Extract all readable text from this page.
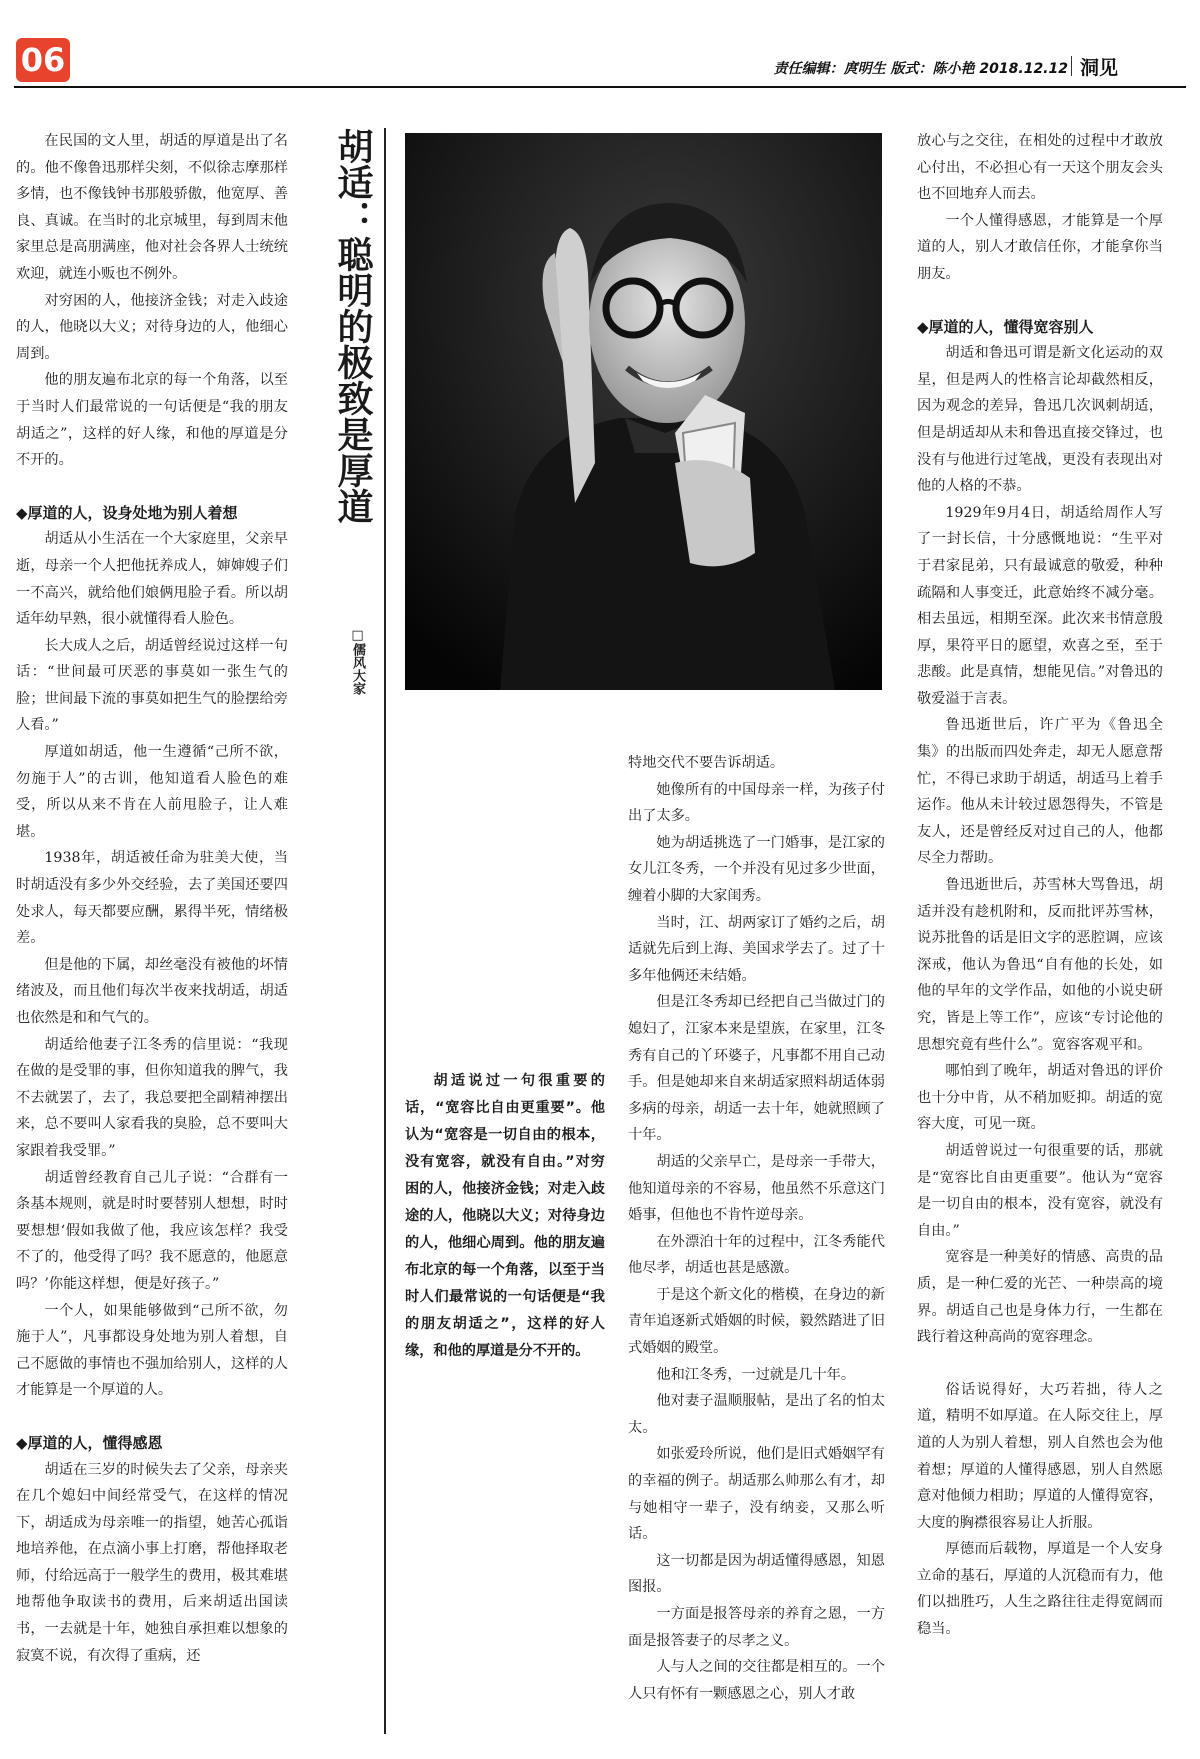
06	责任编辑：庹明生 版式：陈小艳 2018.12.12 洞见

在民国的文人里，胡适的厚道是出了名的。他不像鲁迅那样尖刻，不似徐志摩那样多情，也不像钱钟书那般骄傲，他宽厚、善良、真诚。在当时的北京城里，每到周末他家里总是高朋满座，他对社会各界人士统统欢迎，就连小贩也不例外。

对穷困的人，他接济金钱；对走入歧途的人，他晓以大义；对待身边的人，他细心周到。

他的朋友遍布北京的每一个角落，以至于当时人们最常说的一句话便是“我的朋友胡适之”，这样的好人缘，和他的厚道是分不开的。

◆厚道的人，设身处地为别人着想

胡适从小生活在一个大家庭里，父亲早逝，母亲一个人把他抚养成人，婶婶嫂子们一不高兴，就给他们娘俩甩脸子看。所以胡适年幼早熟，很小就懂得看人脸色。

长大成人之后，胡适曾经说过这样一句话：“世间最可厌恶的事莫如一张生气的脸；世间最下流的事莫如把生气的脸摆给旁人看。”

厚道如胡适，他一生遵循“己所不欲，勿施于人”的古训，他知道看人脸色的难受，所以从来不肯在人前甩脸子，让人难堪。

1938年，胡适被任命为驻美大使，当时胡适没有多少外交经验，去了美国还要四处求人，每天都要应酬，累得半死，情绪极差。

但是他的下属，却丝毫没有被他的坏情绪波及，而且他们每次半夜来找胡适，胡适也依然是和和气气的。

胡适给他妻子江冬秀的信里说：“我现在做的是受罪的事，但你知道我的脾气，我不去就罢了，去了，我总要把全副精神摆出来，总不要叫人家看我的臭脸，总不要叫大家跟着我受罪。”

胡适曾经教育自己儿子说：“合群有一条基本规则，就是时时要替别人想想，时时要想想‘假如我做了他，我应该怎样？我受不了的，他受得了吗？我不愿意的，他愿意吗？’你能这样想，便是好孩子。”

一个人，如果能够做到“己所不欲，勿施于人”，凡事都设身处地为别人着想，自己不愿做的事情也不强加给别人，这样的人才能算是一个厚道的人。

◆厚道的人，懂得感恩

胡适在三岁的时候失去了父亲，母亲夹在几个媳妇中间经常受气，在这样的情况下，胡适成为母亲唯一的指望，她苦心孤诣地培养他，在点滴小事上打磨，帮他择取老师，付给远高于一般学生的费用，极其难堪地帮他争取读书的费用，后来胡适出国读书，一去就是十年，她独自承担难以想象的寂寞不说，有次得了重病，还

胡适：聪明的极致是厚道
□儒风大家

胡适说过一句很重要的话，“宽容比自由更重要”。他认为“宽容是一切自由的根本，没有宽容，就没有自由。”对穷困的人，他接济金钱；对走入歧途的人，他晓以大义；对待身边的人，他细心周到。他的朋友遍布北京的每一个角落，以至于当时人们最常说的一句话便是“我的朋友胡适之”，这样的好人缘，和他的厚道是分不开的。

特地交代不要告诉胡适。

她像所有的中国母亲一样，为孩子付出了太多。

她为胡适挑选了一门婚事，是江家的女儿江冬秀，一个并没有见过多少世面，缠着小脚的大家闺秀。

当时，江、胡两家订了婚约之后，胡适就先后到上海、美国求学去了。过了十多年他俩还未结婚。

但是江冬秀却已经把自己当做过门的媳妇了，江家本来是望族，在家里，江冬秀有自己的丫环婆子，凡事都不用自己动手。但是她却来自来胡适家照料胡适体弱多病的母亲，胡适一去十年，她就照顾了十年。

胡适的父亲早亡，是母亲一手带大，他知道母亲的不容易，他虽然不乐意这门婚事，但他也不肯忤逆母亲。

在外漂泊十年的过程中，江冬秀能代他尽孝，胡适也甚是感激。

于是这个新文化的楷模，在身边的新青年追逐新式婚姻的时候，毅然踏进了旧式婚姻的殿堂。

他和江冬秀，一过就是几十年。

他对妻子温顺服帖，是出了名的怕太太。

如张爱玲所说，他们是旧式婚姻罕有的幸福的例子。胡适那么帅那么有才，却与她相守一辈子，没有纳妾，又那么听话。

这一切都是因为胡适懂得感恩，知恩图报。

一方面是报答母亲的养育之恩，一方面是报答妻子的尽孝之义。

人与人之间的交往都是相互的。一个人只有怀有一颗感恩之心，别人才敢

放心与之交往，在相处的过程中才敢放心付出，不必担心有一天这个朋友会头也不回地弃人而去。

一个人懂得感恩，才能算是一个厚道的人，别人才敢信任你，才能拿你当朋友。

◆厚道的人，懂得宽容别人

胡适和鲁迅可谓是新文化运动的双星，但是两人的性格言论却截然相反，因为观念的差异，鲁迅几次讽刺胡适，但是胡适却从未和鲁迅直接交锋过，也没有与他进行过笔战，更没有表现出对他的人格的不恭。

1929年9月4日，胡适给周作人写了一封长信，十分感慨地说：“生平对于君家昆弟，只有最诚意的敬爱，种种疏隔和人事变迁，此意始终不减分毫。相去虽远，相期至深。此次来书情意殷厚，果符平日的愿望，欢喜之至，至于悲酸。此是真情，想能见信。”对鲁迅的敬爱溢于言表。

鲁迅逝世后，许广平为《鲁迅全集》的出版而四处奔走，却无人愿意帮忙，不得已求助于胡适，胡适马上着手运作。他从未计较过恩怨得失，不管是友人，还是曾经反对过自己的人，他都尽全力帮助。

鲁迅逝世后，苏雪林大骂鲁迅，胡适并没有趁机附和，反而批评苏雪林，说苏批鲁的话是旧文字的恶腔调，应该深戒，他认为鲁迅“自有他的长处，如他的早年的文学作品，如他的小说史研究，皆是上等工作”，应该“专讨论他的思想究竟有些什么”。宽容客观平和。

哪怕到了晚年，胡适对鲁迅的评价也十分中肯，从不稍加贬抑。胡适的宽容大度，可见一斑。

胡适曾说过一句很重要的话，那就是“宽容比自由更重要”。他认为“宽容是一切自由的根本，没有宽容，就没有自由。”

宽容是一种美好的情感、高贵的品质，是一种仁爱的光芒、一种崇高的境界。胡适自己也是身体力行，一生都在践行着这种高尚的宽容理念。

俗话说得好，大巧若拙，待人之道，精明不如厚道。在人际交往上，厚道的人为别人着想，别人自然也会为他着想；厚道的人懂得感恩，别人自然愿意对他倾力相助；厚道的人懂得宽容，大度的胸襟很容易让人折服。

厚德而后载物，厚道是一个人安身立命的基石，厚道的人沉稳而有力，他们以拙胜巧，人生之路往往走得宽阔而稳当。
